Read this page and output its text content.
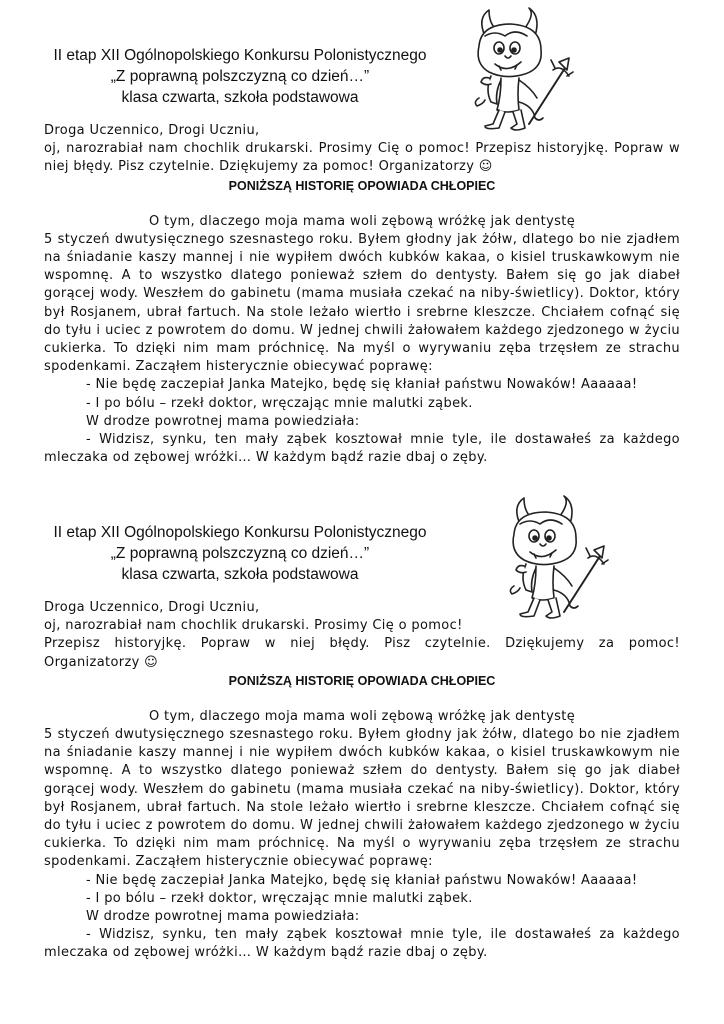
II etap XII Ogólnopolskiego Konkursu Polonistycznego
„Z poprawną polszczyzną co dzień…”
klasa czwarta, szkoła podstawowa

Droga Uczennico, Drogi Uczniu,

oj, narozrabiał nam chochlik drukarski. Prosimy Cię o pomoc! Przepisz historyjkę. Popraw w niej błędy. Pisz czytelnie. Dziękujemy za pomoc! Organizatorzy ☺

PONIŻSZĄ HISTORIĘ OPOWIADA CHŁOPIEC

O tym, dlaczego moja mama woli zębową wróżkę jak dentystę

5 styczeń dwutysięcznego szesnastego roku. Byłem głodny jak żółw, dlatego bo nie zjadłem na śniadanie kaszy mannej i nie wypiłem dwóch kubków kakaa, o kisiel truskawkowym nie wspomnę. A to wszystko dlatego ponieważ szłem do dentysty. Bałem się go jak diabeł gorącej wody. Weszłem do gabinetu (mama musiała czekać na niby-świetlicy). Doktor, który był Rosjanem, ubrał fartuch. Na stole leżało wiertło i srebrne kleszcze. Chciałem cofnąć się do tyłu i uciec z powrotem do domu. W jednej chwili żałowałem każdego zjedzonego w życiu cukierka. To dzięki nim mam próchnicę. Na myśl o wyrywaniu zęba trzęsłem ze strachu spodenkami. Zacząłem histerycznie obiecywać poprawę:

- Nie będę zaczepiał Janka Matejko, będę się kłaniał państwu Nowaków! Aaaaaa!

- I po bólu – rzekł doktor, wręczając mnie malutki ząbek.

W drodze powrotnej mama powiedziała:

- Widzisz, synku, ten mały ząbek kosztował mnie tyle, ile dostawałeś za każdego mleczaka od zębowej wróżki… W każdym bądź razie dbaj o zęby.

II etap XII Ogólnopolskiego Konkursu Polonistycznego
„Z poprawną polszczyzną co dzień…”
klasa czwarta, szkoła podstawowa

Droga Uczennico, Drogi Uczniu,

oj, narozrabiał nam chochlik drukarski. Prosimy Cię o pomoc!

Przepisz historyjkę. Popraw w niej błędy. Pisz czytelnie. Dziękujemy za pomoc! Organizatorzy ☺

PONIŻSZĄ HISTORIĘ OPOWIADA CHŁOPIEC

O tym, dlaczego moja mama woli zębową wróżkę jak dentystę

5 styczeń dwutysięcznego szesnastego roku. Byłem głodny jak żółw, dlatego bo nie zjadłem na śniadanie kaszy mannej i nie wypiłem dwóch kubków kakaa, o kisiel truskawkowym nie wspomnę. A to wszystko dlatego ponieważ szłem do dentysty. Bałem się go jak diabeł gorącej wody. Weszłem do gabinetu (mama musiała czekać na niby-świetlicy). Doktor, który był Rosjanem, ubrał fartuch. Na stole leżało wiertło i srebrne kleszcze. Chciałem cofnąć się do tyłu i uciec z powrotem do domu. W jednej chwili żałowałem każdego zjedzonego w życiu cukierka. To dzięki nim mam próchnicę. Na myśl o wyrywaniu zęba trzęsłem ze strachu spodenkami. Zacząłem histerycznie obiecywać poprawę:

- Nie będę zaczepiał Janka Matejko, będę się kłaniał państwu Nowaków! Aaaaaa!

- I po bólu – rzekł doktor, wręczając mnie malutki ząbek.

W drodze powrotnej mama powiedziała:

- Widzisz, synku, ten mały ząbek kosztował mnie tyle, ile dostawałeś za każdego mleczaka od zębowej wróżki… W każdym bądź razie dbaj o zęby.
